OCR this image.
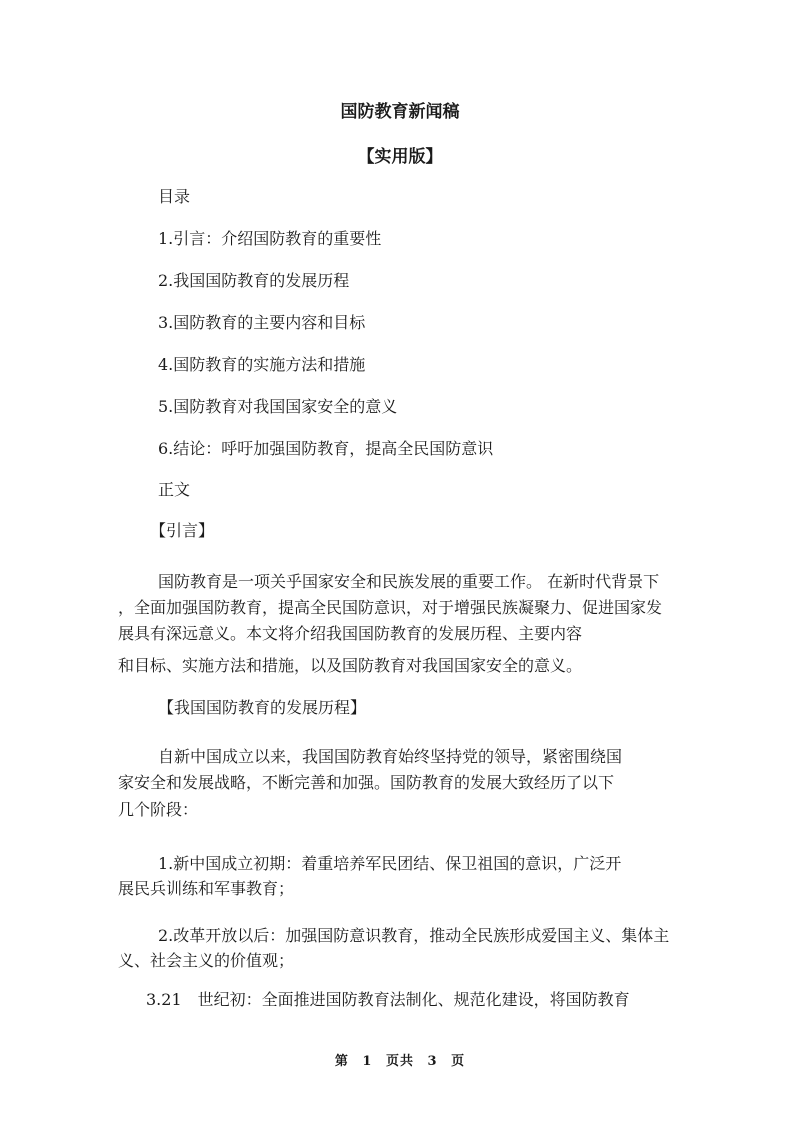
国防教育新闻稿
【实用版】
目录
1.引言：介绍国防教育的重要性
2.我国国防教育的发展历程
3.国防教育的主要内容和目标
4.国防教育的实施方法和措施
5.国防教育对我国国家安全的意义
6.结论：呼吁加强国防教育，提高全民国防意识
正文
【引言】
国防教育是一项关乎国家安全和民族发展的重要工作。 在新时代背景下
，全面加强国防教育，提高全民国防意识，对于增强民族凝聚力、促进国家发
展具有深远意义。本文将介绍我国国防教育的发展历程、主要内容
和目标、实施方法和措施，以及国防教育对我国国家安全的意义。
【我国国防教育的发展历程】
自新中国成立以来，我国国防教育始终坚持党的领导，紧密围绕国
家安全和发展战略，不断完善和加强。国防教育的发展大致经历了以下
几个阶段：
1.新中国成立初期：着重培养军民团结、保卫祖国的意识，广泛开
展民兵训练和军事教育；
2.改革开放以后：加强国防意识教育，推动全民族形成爱国主义、集体主
义、社会主义的价值观；
3.21　世纪初：全面推进国防教育法制化、规范化建设，将国防教育
第 1 页共 3 页
